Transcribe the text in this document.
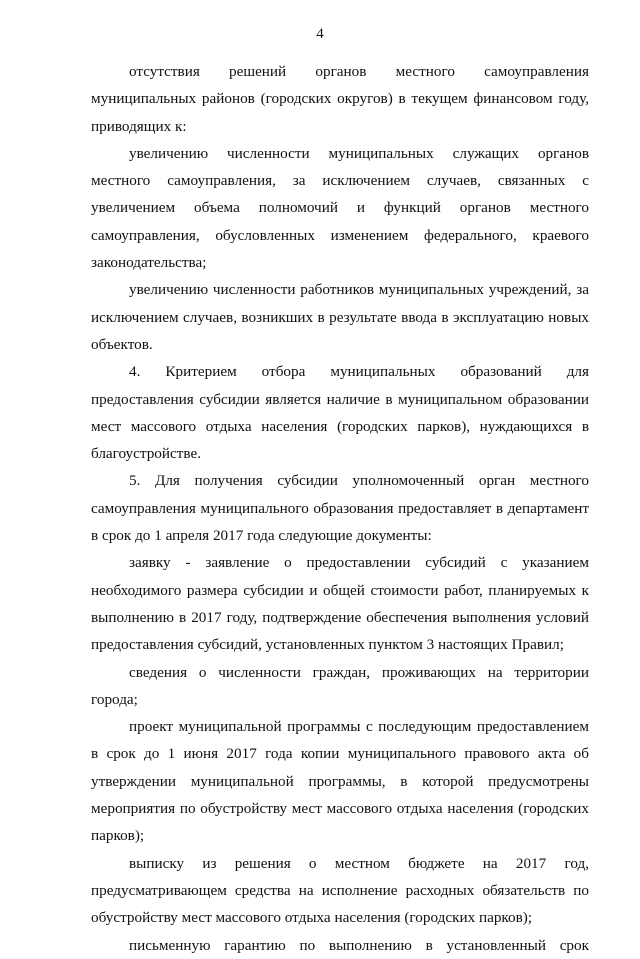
4

отсутствия решений органов местного самоуправления муниципальных районов (городских округов) в текущем финансовом году, приводящих к:

увеличению численности муниципальных служащих органов местного самоуправления, за исключением случаев, связанных с увеличением объема полномочий и функций органов местного самоуправления, обусловленных изменением федерального, краевого законодательства;

увеличению численности работников муниципальных учреждений, за исключением случаев, возникших в результате ввода в эксплуатацию новых объектов.

4. Критерием отбора муниципальных образований для предоставления субсидии является наличие в муниципальном образовании мест массового отдыха населения (городских парков), нуждающихся в благоустройстве.

5. Для получения субсидии уполномоченный орган местного самоуправления муниципального образования предоставляет в департамент в срок до 1 апреля 2017 года следующие документы:

заявку - заявление о предоставлении субсидий с указанием необходимого размера субсидии и общей стоимости работ, планируемых к выполнению в 2017 году, подтверждение обеспечения выполнения условий предоставления субсидий, установленных пунктом 3 настоящих Правил;

сведения о численности граждан, проживающих на территории города;

проект муниципальной программы с последующим предоставлением в срок до 1 июня 2017 года копии муниципального правового акта об утверждении муниципальной программы, в которой предусмотрены мероприятия по обустройству мест массового отдыха населения (городских парков);

выписку из решения о местном бюджете на 2017 год, предусматривающем средства на исполнение расходных обязательств по обустройству мест массового отдыха населения (городских парков);

письменную гарантию по выполнению в установленный срок
